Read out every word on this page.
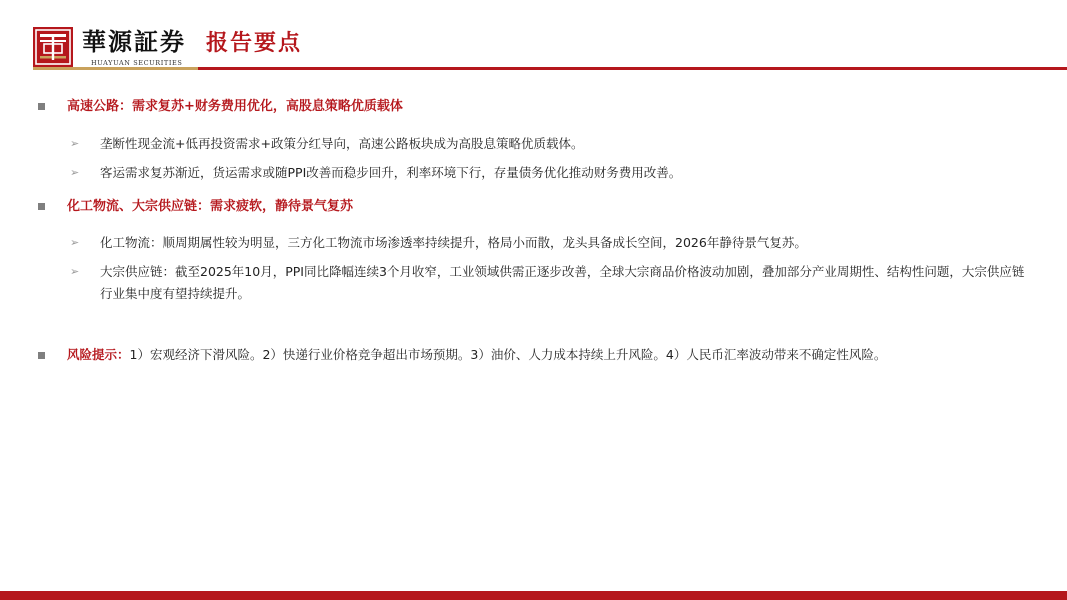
華源証券
HUAYUAN SECURITIES
报告要点
高速公路：需求复苏+财务费用优化，高股息策略优质载体
➢ 垄断性现金流+低再投资需求+政策分红导向，高速公路板块成为高股息策略优质载体。
➢ 客运需求复苏渐近，货运需求或随PPI改善而稳步回升，利率环境下行，存量债务优化推动财务费用改善。
化工物流、大宗供应链：需求疲软，静待景气复苏
➢ 化工物流：顺周期属性较为明显，三方化工物流市场渗透率持续提升，格局小而散，龙头具备成长空间，2026年静待景气复苏。
➢ 大宗供应链：截至2025年10月，PPI同比降幅连续3个月收窄，工业领域供需正逐步改善，全球大宗商品价格波动加剧，叠加部分产业周期性、结构性问题，大宗供应链行业集中度有望持续提升。
风险提示：1）宏观经济下滑风险。2）快递行业价格竞争超出市场预期。3）油价、人力成本持续上升风险。4）人民币汇率波动带来不确定性风险。
